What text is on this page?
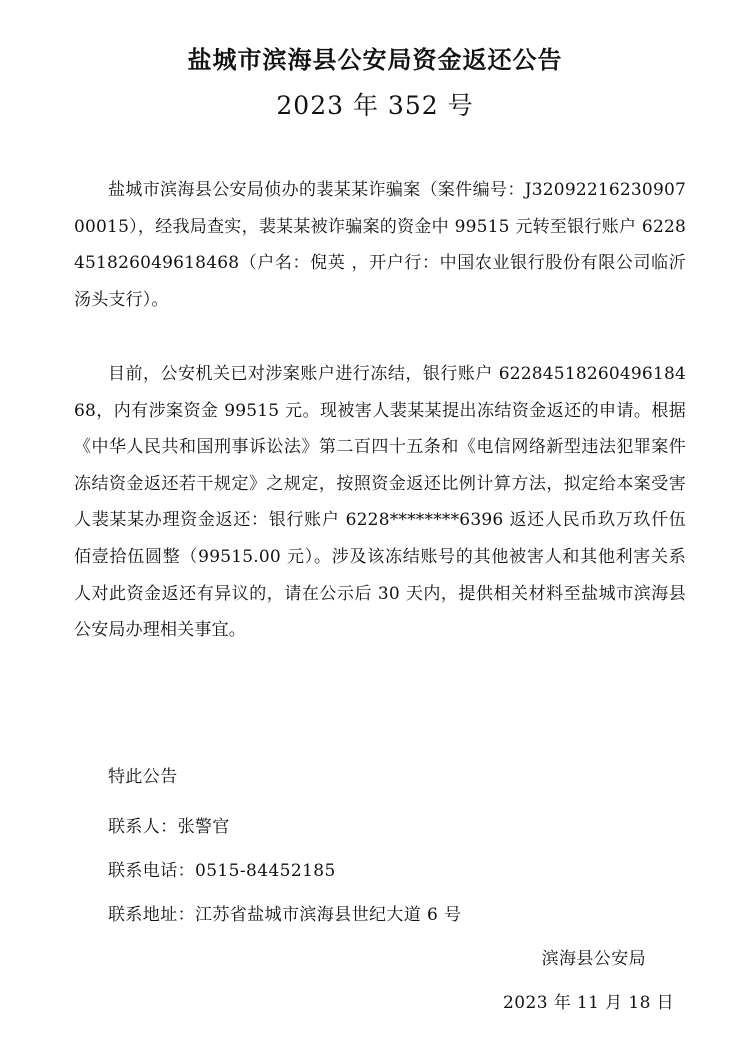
盐城市滨海县公安局资金返还公告
2023 年 352 号
盐城市滨海县公安局侦办的裴某某诈骗案（案件编号：J3209221623090700015），经我局查实，裴某某被诈骗案的资金中 99515 元转至银行账户 6228451826049618468（户名：倪英 ，开户行：中国农业银行股份有限公司临沂汤头支行）。
目前，公安机关已对涉案账户进行冻结，银行账户 6228451826049618468，内有涉案资金 99515 元。现被害人裴某某提出冻结资金返还的申请。根据《中华人民共和国刑事诉讼法》第二百四十五条和《电信网络新型违法犯罪案件冻结资金返还若干规定》之规定，按照资金返还比例计算方法，拟定给本案受害人裴某某办理资金返还：银行账户 6228********6396 返还人民币玖万玖仟伍佰壹拾伍圆整（99515.00 元）。涉及该冻结账号的其他被害人和其他利害关系人对此资金返还有异议的，请在公示后 30 天内，提供相关材料至盐城市滨海县公安局办理相关事宜。
特此公告
联系人：张警官
联系电话：0515-84452185
联系地址：江苏省盐城市滨海县世纪大道 6 号
滨海县公安局
2023 年 11 月 18 日
